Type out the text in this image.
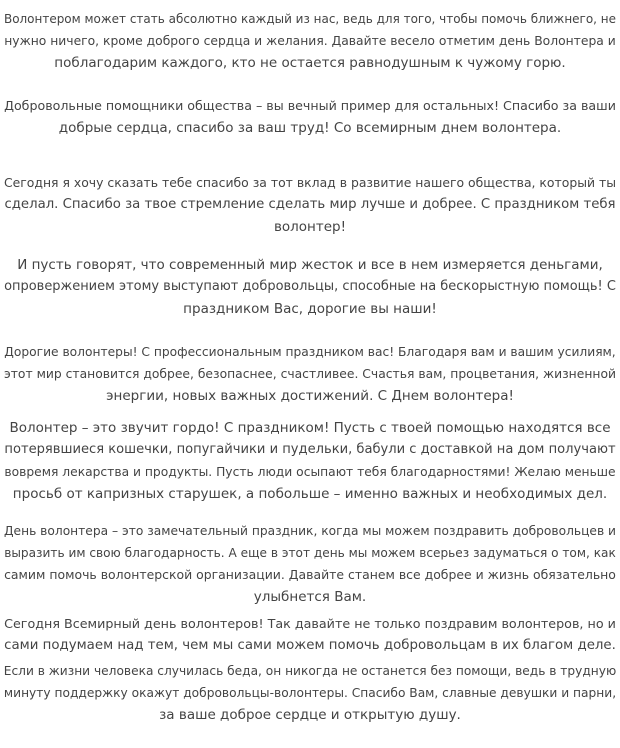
Волонтером может стать абсолютно каждый из нас, ведь для того, чтобы помочь ближнего, не
нужно ничего, кроме доброго сердца и желания. Давайте весело отметим день Волонтера и
поблагодарим каждого, кто не остается равнодушным к чужому горю.
Добровольные помощники общества – вы вечный пример для остальных! Спасибо за ваши
добрые сердца, спасибо за ваш труд! Со всемирным днем волонтера.
Сегодня я хочу сказать тебе спасибо за тот вклад в развитие нашего общества, который ты
сделал. Спасибо за твое стремление сделать мир лучше и добрее. С праздником тебя
волонтер!
И пусть говорят, что современный мир жесток и все в нем измеряется деньгами,
опровержением этому выступают добровольцы, способные на бескорыстную помощь! С
праздником Вас, дорогие вы наши!
Дорогие волонтеры! С профессиональным праздником вас! Благодаря вам и вашим усилиям,
этот мир становится добрее, безопаснее, счастливее. Счастья вам, процветания, жизненной
энергии, новых важных достижений. С Днем волонтера!
Волонтер – это звучит гордо! С праздником! Пусть с твоей помощью находятся все
потерявшиеся кошечки, попугайчики и пудельки, бабули с доставкой на дом получают
вовремя лекарства и продукты. Пусть люди осыпают тебя благодарностями! Желаю меньше
просьб от капризных старушек, а побольше – именно важных и необходимых дел.
День волонтера – это замечательный праздник, когда мы можем поздравить добровольцев и
выразить им свою благодарность. А еще в этот день мы можем всерьез задуматься о том, как
самим помочь волонтерской организации. Давайте станем все добрее и жизнь обязательно
улыбнется Вам.
Сегодня Всемирный день волонтеров! Так давайте не только поздравим волонтеров, но и
сами подумаем над тем, чем мы сами можем помочь добровольцам в их благом деле.
Если в жизни человека случилась беда, он никогда не останется без помощи, ведь в трудную
минуту поддержку окажут добровольцы-волонтеры. Спасибо Вам, славные девушки и парни,
за ваше доброе сердце и открытую душу.
